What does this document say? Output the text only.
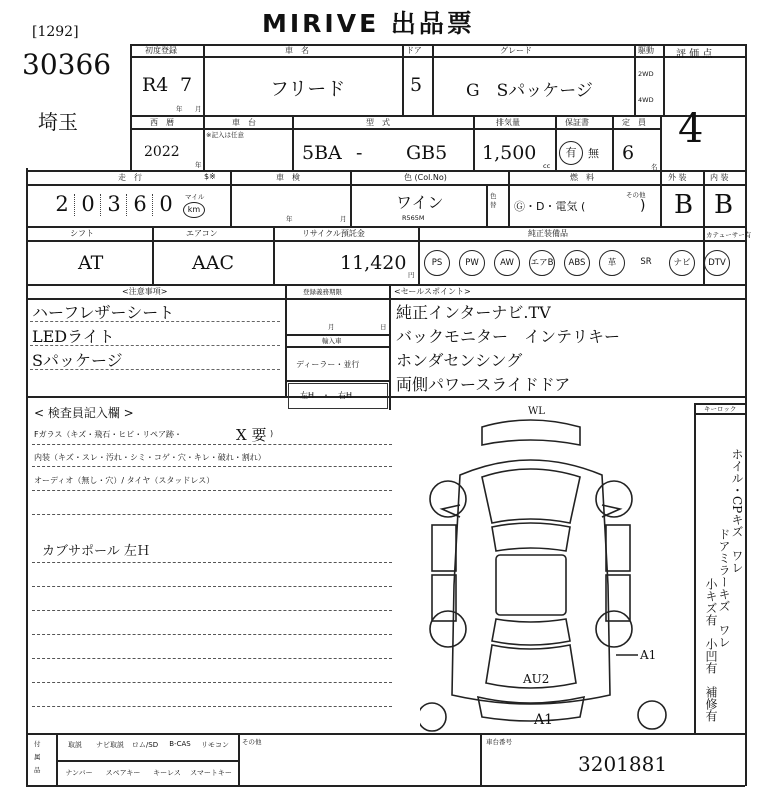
MIRIVE 出品票
[1292]
30366
埼玉
初度登録
R4 7
年 月
車　名
フリード
ドア
5
グレード
G　Sパッケージ
駆動
2WD
4WD
評 価 点
4
西　暦
2022
年
車　台
※記入は任意
型　式
5BA - GB5
排気量
1,500
cc
保証書
有	無
定　員
6
名
走　行
2 0 3 6 0	km
マイル
$※	車　検
年	月
色 (Col.No)
ワイン
R565M
色替
燃　料
Ⓖ・D・電気 (
その他
)
外 装
B
内 装
B
シフト
AT
エアコン
AAC
リサイクル預託金
11,420
円
純正装備品	カテューサー有
PS	PW	AW	エアB	ABS	革	SR	ナビ	DTV
<注意事項>
ハーフレザーシート
LEDライト
Sパッケージ
登録義務期限
月	日
輸入車
ディーラー・並行
左H　・　右H
<セールスポイント>
純正インターナビ.TV
バックモニター　インテリキー
ホンダセンシング
両側パワースライドドア
キーロック
< 検査員記入欄 >
Fガラス（キズ・飛石・ヒビ・リペア跡・	X 要 )
内装（キズ・スレ・汚れ・シミ・コゲ・穴・キレ・破れ・割れ）
オーディオ（無し・穴）/ タイヤ（スタッドレス）
カブサポール 左Ｈ
WL
A1
AU2
A1
ホイル・CPキズ　ワレ
ドアミラーキズ　ワレ
小キズ有　小凹有　補修有
付属品
取説	ナビ取説	ロム/SD	B-CAS	リモコン
ナンバー	スペアキー	キーレス	スマートキー
その他	車台番号
3201881
